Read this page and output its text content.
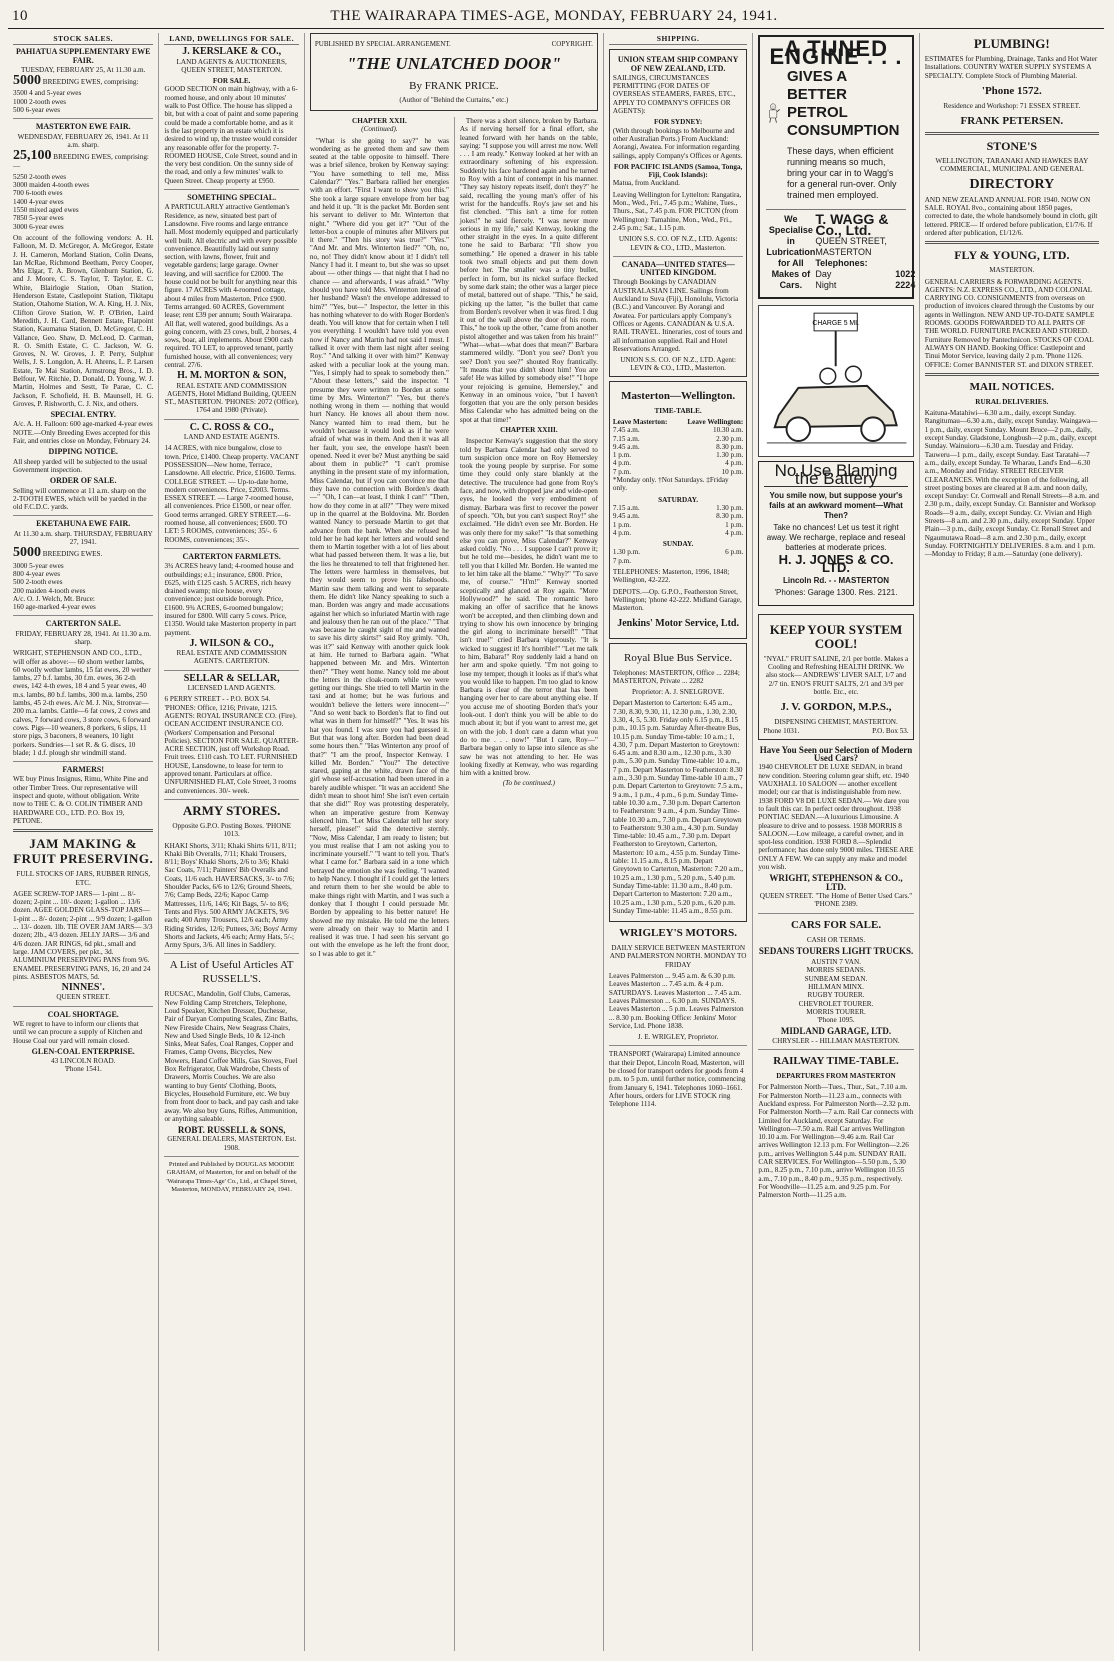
10	THE WAIRARAPA TIMES-AGE, MONDAY, FEBRUARY 24, 1941.
STOCK SALES.
PAHIATUA SUPPLEMENTARY EWE FAIR.
TUESDAY, FEBRUARY 25, At 11.30 a.m.
5000 BREEDING EWES, comprising:
3500 4 and 5-year ewes
1000 2-tooth ewes
500 6-year ewes
MASTERTON EWE FAIR.
WEDNESDAY, FEBRUARY 26, 1941. At 11 a.m. sharp.
25,100 BREEDING EWES, comprising:—
5250 2-tooth ewes
3000 maiden 4-tooth ewes
700 6-tooth ewes
1400 4-year ewes
1550 mixed aged ewes
7850 5-year ewes
3000 6-year ewes
On account of the following vendors: A. H. Falloon, M. D. McGregor, A. McGregor, Estate J. H. Cameron, Morland Station, Colin Deans, Ian McRae, Richmond Beetham, Percy Cooper, Mrs Elgar, T. A. Brown, Glenburn Station, G. and J. Moore, C. S. Taylor, T. Taylor, E. C. White, Blairlogie Station, Oban Station, Henderson Estate, Castlepoint Station, Tikitapu Station, Otahome Station, W. A. King, H. J. Nix, Clifton Grove Station, W. P. O'Brien, Laird Meredith, J. H. Card, Bennett Estate, Flatpoint Station, Kaumatua Station, D. McGregor, C. H. Vallance, Geo. Shaw, D. McLeod, D. Carman, R. O. Smith Estate, C. C. Jackson, W. G. Groves, N. W. Groves, J. P. Perry, Sulphur Wells, J. S. Longdon, A. H. Ahrens, L. P. Larsen Estate, Te Mai Station, Armstrong Bros., I. D. Belfour, W. Ritchie, D. Donald, D. Young, W. J. Martin, Holmes and Sestt, Te Parae, C. C. Jackson, F. Schofield, H. B. Maunsell, H. G. Groves, P. Rishworth, C. J. Nix, and others.
SPECIAL ENTRY.
A/c. A. H. Falloon: 600 age-marked 4-year ewes NOTE.—Only Breeding Ewes accepted for this Fair, and entries close on Monday, February 24.
DIPPING NOTICE.
All sheep yarded will be subjected to the usual Government inspection.
ORDER OF SALE.
Selling will commence at 11 a.m. sharp on the 2-TOOTH EWES, which will be yarded in the old F.C.D.C. yards.
EKETAHUNA EWE FAIR.
At 11.30 a.m. sharp. THURSDAY, FEBRUARY 27, 1941.
5000 BREEDING EWES.
3000 5-year ewes
800 4-year ewes
500 2-tooth ewes
200 maiden 4-tooth ewes
A/c. O. J. Welch, Mt. Bruce:
160 age-marked 4-year ewes
CARTERTON SALE.
FRIDAY, FEBRUARY 28, 1941. At 11.30 a.m. sharp.
WRIGHT, STEPHENSON AND CO., LTD., will offer as above:— 60 shorn wether lambs, 60 woolly wether lambs, 15 fat ewes, 20 wether lambs, 27 b.f. lambs, 30 f.m. ewes, 36 2-th ewes, 142 4-th ewes, 18 4 and 5 year ewes, 40 m.s. lambs, 80 b.f. lambs, 300 m.a. lambs, 250 lambs, 45 2-th ewes. A/c M. J. Nix, Stronvar—200 m.a. lambs. Cattle—6 fat cows, 2 cows and calves, 7 forward cows, 3 store cows, 6 forward cows. Pigs—10 weaners, 8 porkers, 6 slips, 11 store pigs, 3 baconers, 8 weaners, 10 light porkers. Sundries—1 set R. & G. discs, 10 blade; 1 d.f. plough shr windmill stand.
FARMERS!
WE buy Pinus Insignus, Rimu, White Pine and other Timber Trees. Our representative will inspect and quote, without obligation. Write now to THE C. & O. COLIN TIMBER AND HARDWARE CO., LTD. P.O. Box 19, PETONE.
JAM MAKING & FRUIT PRESERVING.
FULL STOCKS OF JARS, RUBBER RINGS, ETC.
AGEE SCREW-TOP JARS— 1-pint ... 8/- dozen; 2-pint ... 10/- dozen; 1-gallon ... 13/6 dozen. AGEE GOLDEN GLASS-TOP JARS— 1-pint ... 8/- dozen; 2-pint ... 9/9 dozen; 1-gallon ... 13/- dozen. 1lb. TIE OVER JAM JARS— 3/3 dozen; 2lb., 4/3 dozen. JELLY JARS— 3/6 and 4/6 dozen. JAR RINGS, 6d pkt., small and large. JAM COVERS, per pkt., 3d. ALUMINIUM PRESERVING PANS from 9/6. ENAMEL PRESERVING PANS, 16, 20 and 24 pints. ASBESTOS MATS, 5d.
NINNES'.
QUEEN STREET.
COAL SHORTAGE.
WE regret to have to inform our clients that until we can procure a supply of Kitchen and House Coal our yard will remain closed.
GLEN-COAL ENTERPRISE.
43 LINCOLN ROAD.
'Phone 1541.
LAND, DWELLINGS FOR SALE.
J. KERSLAKE & CO.,
LAND AGENTS & AUCTIONEERS, QUEEN STREET, MASTERTON.
FOR SALE.
GOOD SECTION on main highway, with a 6-roomed house, and only about 10 minutes' walk to Post Office. The house has slipped a bit, but with a coat of paint and some papering could be made a comfortable home, and as it is the last property in an estate which it is desired to wind up, the trustee would consider any reasonable offer for the property. 7-ROOMED HOUSE, Cole Street, sound and in the very best condition. On the sunny side of the road, and only a few minutes' walk to Queen Street. Cheap property at £950.
SOMETHING SPECIAL.
A PARTICULARLY attractive Gentleman's Residence, as new, situated best part of Lansdowne. Five rooms and large entrance hall. Most modernly equipped and particularly well built. All electric and with every possible convenience. Beautifully laid out sunny section, with lawns, flower, fruit and vegetable gardens; large garage. Owner leaving, and will sacrifice for £2000. The house could not be built for anything near this figure. 17 ACRES with 4-roomed cottage, about 4 miles from Masterton. Price £900. Terms arranged. 60 ACRES, Government lease; rent £39 per annum; South Wairarapa. All flat, well watered, good buildings. As a going concern, with 23 cows, bull, 2 horses, 4 sows, boar, all implements. About £900 cash required. TO LET, to approved tenant, partly furnished house, with all conveniences; very central. 27/6.
H. M. MORTON & SON,
REAL ESTATE AND COMMISSION AGENTS, Hotel Midland Building, QUEEN ST., MASTERTON. 'PHONES: 2072 (Office), 1764 and 1980 (Private).
C. C. ROSS & CO.,
LAND AND ESTATE AGENTS.
14 ACRES, with nice bungalow, close to town. Price, £1400. Cheap property. VACANT POSSESSION—New home, Terrace, Lansdowne. All electric. Price, £1600. Terms. COLLEGE STREET. — Up-to-date home, modern conveniences. Price, £2003. Terms. ESSEX STREET. — Large 7-roomed house, all conveniences. Price £1500, or near offer. Good terms arranged. GREY STREET.—6-roomed house, all conveniences; £600. TO LET: 5 ROOMS, conveniences; 35/-. 6 ROOMS, conveniences; 35/-.
CARTERTON FARMLETS.
3¾ ACRES heavy land; 4-roomed house and outbuildings; e.l.; insurance, £800. Price, £625, with £125 cash. 5 ACRES, rich heavy drained swamp; nice house, every convenience; just outside borough. Price, £1600. 9¾ ACRES, 6-roomed bungalow; insured for £800. Will carry 5 cows. Price, £1350. Would take Masterton property in part payment.
J. WILSON & CO.,
REAL ESTATE AND COMMISSION AGENTS. CARTERTON.
SELLAR & SELLAR,
LICENSED LAND AGENTS.
6 PERRY STREET - - P.O. BOX 54. 'PHONES: Office, 1216; Private, 1215. AGENTS: ROYAL INSURANCE CO. (Fire). OCEAN ACCIDENT INSURANCE CO. (Workers' Compensation and Personal Policies). SECTION FOR SALE. QUARTER-ACRE SECTION, just off Workshop Road. Fruit trees. £110 cash. TO LET. FURNISHED HOUSE, Lansdowne, to lease for term to approved tenant. Particulars at office. UNFURNISHED FLAT, Cole Street, 3 rooms and conveniences. 30/- week.
ARMY STORES.
Opposite G.P.O. Posting Boxes. 'PHONE 1013.
KHAKI Shorts, 3/11; Khaki Shirts 6/11, 8/11; Khaki Bib Overalls, 7/11; Khaki Trousers, 8/11; Boys' Khaki Shorts, 2/6 to 3/6; Khaki Sac Coats, 7/11; Painters' Bib Overalls and Coats, 11/6 each. HAVERSACKS, 3/- to 7/6; Shoulder Packs, 6/6 to 12/6; Ground Sheets, 7/6; Camp Beds, 22/6; Kapoc Camp Mattresses, 11/6, 14/6; Kit Bags, 5/- to 8/6; Tents and Flys. 500 ARMY JACKETS, 9/6 each; 400 Army Trousers, 12/6 each; Army Riding Strides, 12/6; Puttees, 3/6; Boys' Army Shorts and Jackets, 4/6 each; Army Hats, 5/-; Army Spurs, 3/6. All lines in Saddlery.
A List of Useful Articles AT RUSSELL'S.
RUCSAC, Mandolin, Golf Clubs, Cameras, New Folding Camp Stretchers, Telephone, Loud Speaker, Kitchen Dresser, Duchesse, Pair of Daryan Computing Scales, Zinc Baths, New Fireside Chairs, New Seagrass Chairs, New and Used Single Beds, 10 & 12-inch Sinks, Meat Safes, Coal Ranges, Copper and Frames, Camp Ovens, Bicycles, New Mowers, Hand Coffee Mills, Gas Stoves, Fuel Box Refrigerator, Oak Wardrobe, Chests of Drawers, Morris Couches. We are also wanting to buy Gents' Clothing, Boots, Bicycles, Household Furniture, etc. We buy from front door to back, and pay cash and take away. We also buy Guns, Rifles, Ammunition, or anything saleable.
ROBT. RUSSELL & SONS,
GENERAL DEALERS, MASTERTON. Est. 1908.
Printed and Published by DOUGLAS MOODIE GRAHAM, of Masterton, for and on behalf of the 'Wairarapa Times-Age' Co., Ltd., at Chapel Street, Masterton, MONDAY, FEBRUARY 24, 1941.
PUBLISHED BY SPECIAL ARRANGEMENT.	COPYRIGHT.
"THE UNLATCHED DOOR"
By FRANK PRICE.
(Author of "Behind the Curtains," etc.)
CHAPTER XXII.
(Continued).

"What is she going to say?" he was wondering as he greeted them and saw them seated at the table opposite to himself. There was a brief silence, broken by Kenway saying: "You have something to tell me, Miss Calendar?" "Yes." Barbara rallied her energies with an effort. "First I want to show you this." She took a large square envelope from her bag and held it up. "It is the packet Mr. Borden sent his servant to deliver to Mr. Winterton that night." "Where did you get it?" "Out of the letter-box a couple of minutes after Milvers put it there." "Then his story was true?" "Yes." "And Mr. and Mrs. Winterton lied?" "Oh, no, no, no! They didn't know about it! I didn't tell Nancy I had it. I meant to, but she was so upset about — other things — that night that I had no chance — and afterwards, I was afraid." "Why should you have told Mrs. Winterton instead of her husband? Wasn't the envelope addressed to him?" "Yes, but—" Inspector, the letter in this has nothing whatever to do with Roger Borden's death. You will know that for certain when I tell you everything. I wouldn't have told you even now if Nancy and Martin had not said I must. I talked it over with them last night after seeing Roy." "And talking it over with him?" Kenway asked with a peculiar look at the young man. "Yes, I simply had to speak to somebody then." "About these letters," said the inspector. "I presume they were written to Borden at some time by Mrs. Winterton?" "Yes, but there's nothing wrong in them — nothing that would hurt Nancy. He knows all about them now. Nancy wanted him to read them, but he wouldn't because it would look as if he were afraid of what was in them. And then it was all her fault, you see, the envelope hasn't been opened. Need it ever be? Must anything be said about them in public?" "I can't promise anything in the present state of my information, Miss Calendar, but if you can convince me that they have no connection with Borden's death—" "Oh, I can—at least, I think I can!" "Then, how do they come in at all?" "They were mixed up in the quarrel at the Boldovina. Mr. Borden wanted Nancy to persuade Martin to get that advance from the bank. When she refused he told her he had kept her letters and would send them to Martin together with a lot of lies about what had passed between them. It was a lie, but the lies he threatened to tell that frightened her. The letters were harmless in themselves, but they would seem to prove his falsehoods. Martin saw them talking and went to separate them. He didn't like Nancy speaking to such a man. Borden was angry and made accusations against her which so infuriated Martin with rage and jealousy then he ran out of the place." "That was because he caught sight of me and wanted to save his dirty skirts!" said Roy grimly. "Oh, was it?" said Kenway with another quick look at him. He turned to Barbara again. "What happened between Mr. and Mrs. Winterton then?" "They went home. Nancy told me about the letters in the cloak-room while we were getting our things. She tried to tell Martin in the taxi and at home; but he was furious and wouldn't believe the letters were innocent—" "And so went back to Borden's flat to find out what was in them for himself?" "Yes. It was his hat you found. I was sure you had guessed it. But that was long after. Borden had been dead some hours then." "Has Winterton any proof of that?" "I am the proof, Inspector Kenway. I killed Mr. Borden." "You?" The detective stared, gaping at the white, drawn face of the girl whose self-accusation had been uttered in a barely audible whisper. "It was an accident! She didn't mean to shoot him! She isn't even certain that she did!" Roy was protesting desperately, when an imperative gesture from Kenway silenced him. "Let Miss Calendar tell her story herself, please!" said the detective sternly. "Now, Miss Calendar, I am ready to listen; but you must realise that I am not asking you to incriminate yourself." "I want to tell you. That's what I came for." Barbara said in a tone which betrayed the emotion she was feeling. "I wanted to help Nancy. I thought if I could get the letters and return them to her she would be able to make things right with Martin, and I was such a donkey that I thought I could persuade Mr. Borden by appealing to his better nature! He showed me my mistake. He told me the letters were already on their way to Martin and I realised it was true. I had seen his servant go out with the envelope as he left the front door, so I was able to get it."

There was a short silence, broken by Barbara. As if nerving herself for a final effort, she leaned forward with her hands on the table, saying: "I suppose you will arrest me now. Well . . . I am ready." Kenway looked at her with an extraordinary softening of his expression. Suddenly his face hardened again and he turned to Roy with a hint of contempt in his manner. "They say history repeats itself, don't they?" he said, recalling the young man's offer of his wrist for the handcuffs. Roy's jaw set and his fist clenched. "This isn't a time for rotten jokes!" he said fiercely. "I was never more serious in my life," said Kenway, looking the other straight in the eyes. In a quite different tone he said to Barbara: "I'll show you something." He opened a drawer in his table took two small objects and put them down before her. The smaller was a tiny bullet, perfect in form, but its nickel surface flecked by some dark stain; the other was a larger piece of metal, battered out of shape. "This," he said, picking up the latter, "is the bullet that came from Borden's revolver when it was fired. I dug it out of the wall above the door of his room. This," he took up the other, "came from another pistol altogether and was taken from his brain!" "What—what—what does that mean?" Barbara stammered wildly. "Don't you see? Don't you see? Don't you see?" shouted Roy frantically. "It means that you didn't shoot him! You are safe! He was killed by somebody else!" "I hope your rejoicing is genuine, Hemersley," and Kenway in an ominous voice, "but I haven't forgotten that you are the only person besides Miss Calendar who has admitted being on the spot at that time!"

CHAPTER XXIII.

Inspector Kenway's suggestion that the story told by Barbara Calendar had only served to turn suspicion once more on Roy Hemersley took the young people by surprise. For some time they could only stare blankly at the detective. The truculence had gone from Roy's face, and now, with dropped jaw and wide-open eyes, he looked the very embodiment of dismay. Barbara was first to recover the power of speech. "Oh, but you can't suspect Roy!" she exclaimed. "He didn't even see Mr. Borden. He was only there for my sake!" "Is that something else you can prove, Miss Calendar?" Kenway asked coldly. "No . . . I suppose I can't prove it; but he told me—besides, he didn't want me to tell you that I killed Mr. Borden. He wanted me to let him take all the blame." "Why?" "To save me, of course." "H'm!" Kenway snorted sceptically and glanced at Roy again. "More Hollywood?" he said. The romantic hero making an offer of sacrifice that he knows won't be accepted, and then climbing down and trying to show his own innocence by bringing the girl along to incriminate herself!" "That isn't true!" cried Barbara vigorously. "It is wicked to suggest it! It's horrible!" "Let me talk to him, Babara!" Roy suddenly laid a hand on her arm and spoke quietly. "I'm not going to lose my temper, though it looks as if that's what you would like to happen. I'm too glad to know Barbara is clear of the terror that has been hanging over her to care about anything else. If you accuse me of shooting Borden that's your look-out. I don't think you will be able to do much about it; but if you want to arrest me, get on with the job. I don't care a damn what you do to me . . . now!" "But I care, Roy—" Barbara began only to lapse into silence as she saw he was not attending to her. He was looking fixedly at Kenway, who was regarding him with a knitted brow.

(To be continued.)
SHIPPING.
UNION STEAM SHIP COMPANY OF NEW ZEALAND, LTD.
SAILINGS, CIRCUMSTANCES PERMITTING (FOR DATES OF OVERSEAS STEAMERS, FARES, ETC., APPLY TO COMPANY'S OFFICES OR AGENTS):
FOR SYDNEY:
(With through bookings to Melbourne and other Australian Ports.) From Auckland: Aorangi, Awatea. For information regarding sailings, apply Company's Offices or Agents.
FOR PACIFIC ISLANDS (Samoa, Tonga, Fiji, Cook Islands):
Matua, from Auckland.
Leaving Wellington for Lyttelton: Rangatira, Mon., Wed., Fri., 7.45 p.m.; Wahine, Tues., Thurs., Sat., 7.45 p.m. FOR PICTON (from Wellington): Tamahine, Mon., Wed., Fri., 2.45 p.m.; Sat., 1.15 p.m.
UNION S.S. CO. OF N.Z., LTD. Agents: LEVIN & CO., LTD., Masterton.
CANADA—UNITED STATES—UNITED KINGDOM.
Through Bookings by CANADIAN AUSTRALASIAN LINE. Sailings from Auckland to Suva (Fiji), Honolulu, Victoria (B.C.) and Vancouver. By Aorangi and Awatea. For particulars apply Company's Offices or Agents. CANADIAN & U.S.A. RAIL TRAVEL. Itineraries, cost of tours and all information supplied. Rail and Hotel Reservations Arranged.
UNION S.S. CO. OF N.Z., LTD. Agent: LEVIN & CO., LTD., Masterton.
Masterton—Wellington.
TIME-TABLE.
Leave Masterton:	Leave Wellington:
7.45 a.m.	10.30 a.m.
7.15 a.m.	2.30 p.m.
9.45 a.m.	8.30 p.m.
1 p.m.	1.30 p.m.
4 p.m.	4 p.m.
7 p.m.	10 p.m.
*Monday only. †Not Saturdays. ‡Friday only.
SATURDAY.
7.15 a.m.	1.30 p.m.
9.45 a.m.	8.30 p.m.
1 p.m.	1 p.m.
4 p.m.	4 p.m.
SUNDAY.
1.30 p.m.	6 p.m.
7 p.m.
TELEPHONES: Masterton, 1996, 1848; Wellington, 42-222.
DEPOTS.—Op. G.P.O., Featherston Street, Wellington; 'phone 42-222. Midland Garage, Masterton.
Jenkins' Motor Service, Ltd.
Royal Blue Bus Service.
Telephones: MASTERTON, Office ... 2284; MASTERTON, Private ... 2282
Proprietor: A. J. SNELGROVE.
Depart Masterton to Carterton: 6.45 a.m., 7.30, 8.30, 9.30, 11, 12.30 p.m., 1.30, 2.30, 3.30, 4, 5, 5.30. Friday only 6.15 p.m., 8.15 p.m., 10.15 p.m. Saturday After-theatre Bus, 10.15 p.m. Sunday Time-table: 10 a.m.; 1, 4.30, 7 p.m. Depart Masterton to Greytown: 6.45 a.m. and 8.30 a.m., 12.30 p.m., 3.30 p.m., 5.30 p.m. Sunday Time-table: 10 a.m., 7 p.m. Depart Masterton to Featherston: 8.30 a.m., 3.30 p.m. Sunday Time-table 10 a.m., 7 p.m. Depart Carterton to Greytown: 7.5 a.m., 9 a.m., 1 p.m., 4 p.m., 6 p.m. Sunday Time-table 10.30 a.m., 7.30 p.m. Depart Carterton to Featherston: 9 a.m., 4 p.m. Sunday Time-table 10.30 a.m., 7.30 p.m. Depart Greytown to Featherston: 9.30 a.m., 4.30 p.m. Sunday Time-table: 10.45 a.m., 7.30 p.m. Depart Featherston to Greytown, Carterton, Masterton: 10 a.m., 4.55 p.m. Sunday Time-table: 11.15 a.m., 8.15 p.m. Depart Greytown to Carterton, Masterton: 7.20 a.m., 10.25 a.m., 1.30 p.m., 5.20 p.m., 5.40 p.m. Sunday Time-table: 11.30 a.m., 8.40 p.m. Depart Carterton to Masterton: 7.20 a.m., 10.25 a.m., 1.30 p.m., 5.20 p.m., 6.20 p.m. Sunday Time-table: 11.45 a.m., 8.55 p.m.
WRIGLEY'S MOTORS.
DAILY SERVICE BETWEEN MASTERTON AND PALMERSTON NORTH. MONDAY TO FRIDAY
Leaves Palmerston ... 9.45 a.m. & 6.30 p.m. Leaves Masterton ... 7.45 a.m. & 4 p.m. SATURDAYS. Leaves Masterton ... 7.45 a.m. Leaves Palmerston ... 6.30 p.m. SUNDAYS. Leaves Masterton ... 5 p.m. Leaves Palmerston ... 8.30 p.m. Booking Office: Jenkins' Motor Service, Ltd. Phone 1838.
J. E. WRIGLEY, Proprietor.
TRANSPORT (Wairarapa) Limited announce that their Depot, Lincoln Road, Masterton, will be closed for transport orders for goods from 4 p.m. to 5 p.m. until further notice, commencing from January 6, 1941. Telephones 1060–1661. After hours, orders for LIVE STOCK ring Telephone 1114.
A TUNED ENGINE . . .
GIVES A BETTER PETROL CONSUMPTION
These days, when efficient running means so much, bring your car in to Wagg's for a general run-over. Only trained men employed.
We Specialise in Lubrication for All Makes of Cars.
T. WAGG & Co., Ltd.
QUEEN STREET, MASTERTON
Telephones:
Day	1022
Night	2224
CHARGE 5 MI.
No Use Blaming the Battery
You smile now, but suppose your's fails at an awkward moment—What Then?
Take no chances! Let us test it right away. We recharge, replace and reseal batteries at moderate prices.
H. J. JONES & CO. LTD.
Lincoln Rd. - - MASTERTON
'Phones: Garage 1300. Res. 2121.
KEEP YOUR SYSTEM COOL!
"NYAL" FRUIT SALINE, 2/1 per bottle. Makes a Cooling and Refreshing HEALTH DRINK. We also stock— ANDREWS' LIVER SALT, 1/7 and 2/7 tin. ENO'S FRUIT SALTS, 2/1 and 3/9 per bottle. Etc., etc.
J. V. GORDON, M.P.S.,
DISPENSING CHEMIST, MASTERTON.
Phone 1031.	P.O. Box 53.
Have You Seen our Selection of Modern Used Cars?
1940 CHEVROLET DE LUXE SEDAN, in brand new condition. Steering column gear shift, etc. 1940 VAUXHALL 10 SALOON — another excellent model; our car that is indistinguishable from new. 1938 FORD V8 DE LUXE SEDAN.— We dare you to fault this car. In perfect order throughout. 1938 PONTIAC SEDAN.—A luxurious Limousine. A pleasure to drive and to possess. 1938 MORRIS 8 SALOON.—Low mileage, a careful owner, and in spot-less condition. 1938 FORD 8.—Splendid performance; has done only 9000 miles. THESE ARE ONLY A FEW. We can supply any make and model you wish.
WRIGHT, STEPHENSON & CO., LTD.
QUEEN STREET. "The Home of Better Used Cars." 'PHONE 2389.
CARS FOR SALE.
CASH OR TERMS.
SEDANS TOURERS LIGHT TRUCKS.
AUSTIN 7 VAN.
MORRIS SEDANS.
SUNBEAM SEDAN.
HILLMAN MINX.
RUGBY TOURER.
CHEVROLET TOURER.
MORRIS TOURER.
'Phone 1095.
MIDLAND GARAGE, LTD.
CHRYSLER - - HILLMAN MASTERTON.
RAILWAY TIME-TABLE.
DEPARTURES FROM MASTERTON
For Palmerston North—Tues., Thur., Sat., 7.10 a.m. For Palmerston North—11.23 a.m., connects with Auckland express. For Palmerston North—2.32 p.m. For Palmerston North—7 a.m. Rail Car connects with Limited for Auckland, except Saturday. For Wellington—7.50 a.m. Rail Car arrives Wellington 10.10 a.m. For Wellington—9.46 a.m. Rail Car arrives Wellington 12.13 p.m. For Wellington—2.26 p.m., arrives Wellington 5.44 p.m. SUNDAY RAIL CAR SERVICES. For Wellington—5.50 p.m., 5.30 p.m., 8.25 p.m., 7.10 p.m., arrive Wellington 10.55 a.m., 7.10 p.m., 8.40 p.m., 9.35 p.m., respectively. For Woodville—11.25 a.m. and 9.25 p.m. For Palmerston North—11.25 a.m.
PLUMBING!
ESTIMATES for Plumbing, Drainage, Tanks and Hot Water Installations. COUNTRY WATER SUPPLY SYSTEMS A SPECIALTY. Complete Stock of Plumbing Material.
'Phone 1572.
Residence and Workshop: 71 ESSEX STREET.
FRANK PETERSEN.
STONE'S
WELLINGTON, TARANAKI AND HAWKES BAY COMMERCIAL, MUNICIPAL AND GENERAL
DIRECTORY
AND NEW ZEALAND ANNUAL FOR 1940. NOW ON SALE. ROYAL 8vo., containing about 1850 pages, corrected to date, the whole handsomely bound in cloth, gilt lettered. PRICE— If ordered before publication, £1/7/6. If ordered after publication, £1/12/6.
FLY & YOUNG, LTD.
MASTERTON.
GENERAL CARRIERS & FORWARDING AGENTS. AGENTS: N.Z. EXPRESS CO., LTD., AND COLONIAL CARRYING CO. CONSIGNMENTS from overseas on production of invoices cleared through the Customs by our agents in Wellington. NEW AND UP-TO-DATE SAMPLE ROOMS. GOODS FORWARDED TO ALL PARTS OF THE WORLD. FURNITURE PACKED AND STORED. Furniture Removed by Pantechnicon. STOCKS OF COAL ALWAYS ON HAND. Booking Office: Castlepoint and Tinui Motor Service, leaving daily 2 p.m. 'Phone 1126. OFFICE: Corner BANNISTER ST. and DIXON STREET.
MAIL NOTICES.
RURAL DELIVERIES.
Kaituna-Matahiwi—6.30 a.m., daily, except Sunday. Rangitumau—6.30 a.m., daily, except Sunday. Waingawa—1 p.m., daily, except Sunday. Mount Bruce—2 p.m., daily, except Sunday. Gladstone, Longbush—2 p.m., daily, except Sunday. Wainuioru—6.30 a.m. Tuesday and Friday. Tauweru—1 p.m., daily, except Sunday. East Taratahi—7 a.m., daily, except Sunday. Te Wharau, Land's End—6.30 a.m., Monday and Friday. STREET RECEIVER CLEARANCES. With the exception of the following, all street posting boxes are cleared at 8 a.m. and noon daily, except Sunday: Cr. Cornwall and Renall Streets—8 a.m. and 2.30 p.m., daily, except Sunday. Cr. Bannister and Worksop Roads—9 a.m., daily, except Sunday. Cr. Vivian and High Streets—8 a.m. and 2.30 p.m., daily, except Sunday. Upper Plain—3 p.m., daily, except Sunday. Cr. Renall Street and Ngaumutawa Road—8 a.m. and 2.30 p.m., daily, except Sunday. FORTNIGHTLY DELIVERIES. 8 a.m. and 1 p.m.—Monday to Friday; 8 a.m.—Saturday (one delivery).
